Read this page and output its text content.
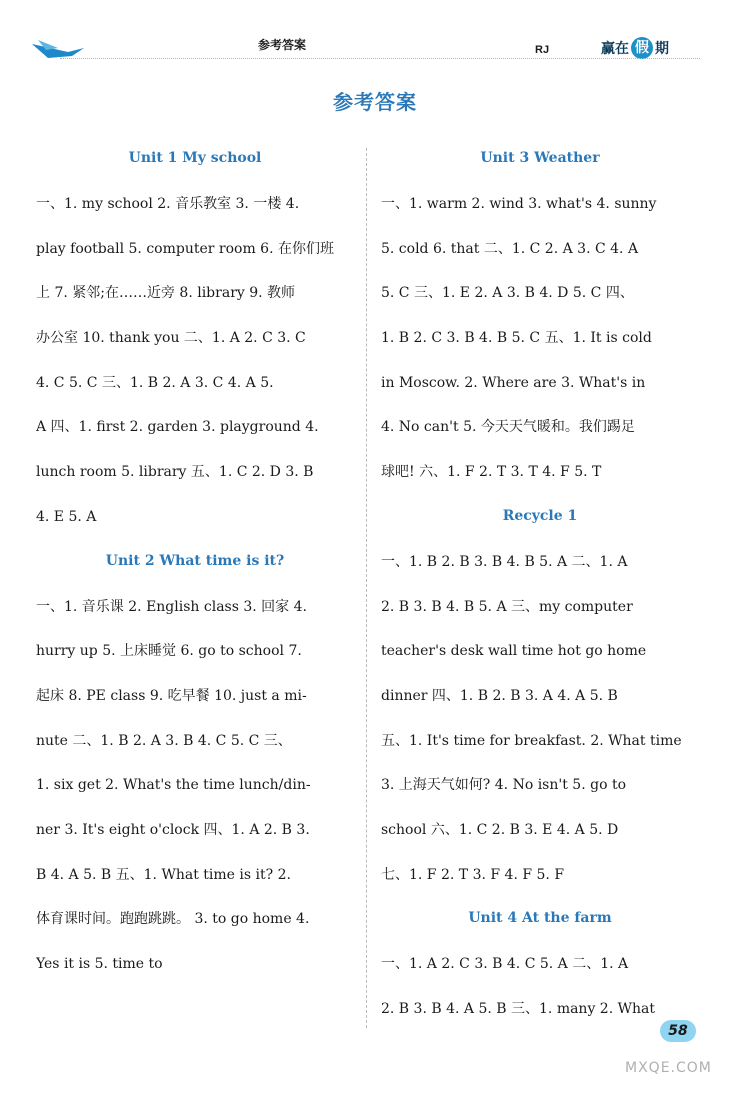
参考答案	RJ	赢在 假 期
参考答案
Unit 1 My school
一、1. my school 2. 音乐教室 3. 一楼 4.
play football 5. computer room 6. 在你们班
上 7. 紧邻;在……近旁 8. library 9. 教师
办公室 10. thank you 二、1. A 2. C 3. C
4. C 5. C 三、1. B 2. A 3. C 4. A 5.
A 四、1. first 2. garden 3. playground 4.
lunch room 5. library 五、1. C 2. D 3. B
4. E 5. A
Unit 2 What time is it?
一、1. 音乐课 2. English class 3. 回家 4.
hurry up 5. 上床睡觉 6. go to school 7.
起床 8. PE class 9. 吃早餐 10. just a mi-
nute 二、1. B 2. A 3. B 4. C 5. C 三、
1. six get 2. What's the time lunch/din-
ner 3. It's eight o'clock 四、1. A 2. B 3.
B 4. A 5. B 五、1. What time is it? 2.
体育课时间。跑跑跳跳。 3. to go home 4.
Yes it is 5. time to
Unit 3 Weather
一、1. warm 2. wind 3. what's 4. sunny
5. cold 6. that 二、1. C 2. A 3. C 4. A
5. C 三、1. E 2. A 3. B 4. D 5. C 四、
1. B 2. C 3. B 4. B 5. C 五、1. It is cold
in Moscow. 2. Where are 3. What's in
4. No can't 5. 今天天气暖和。我们踢足
球吧! 六、1. F 2. T 3. T 4. F 5. T
Recycle 1
一、1. B 2. B 3. B 4. B 5. A 二、1. A
2. B 3. B 4. B 5. A 三、my computer
teacher's desk wall time hot go home
dinner 四、1. B 2. B 3. A 4. A 5. B
五、1. It's time for breakfast. 2. What time
3. 上海天气如何? 4. No isn't 5. go to
school 六、1. C 2. B 3. E 4. A 5. D
七、1. F 2. T 3. F 4. F 5. F
Unit 4 At the farm
一、1. A 2. C 3. B 4. C 5. A 二、1. A
2. B 3. B 4. A 5. B 三、1. many 2. What
58
MXQE.COM
